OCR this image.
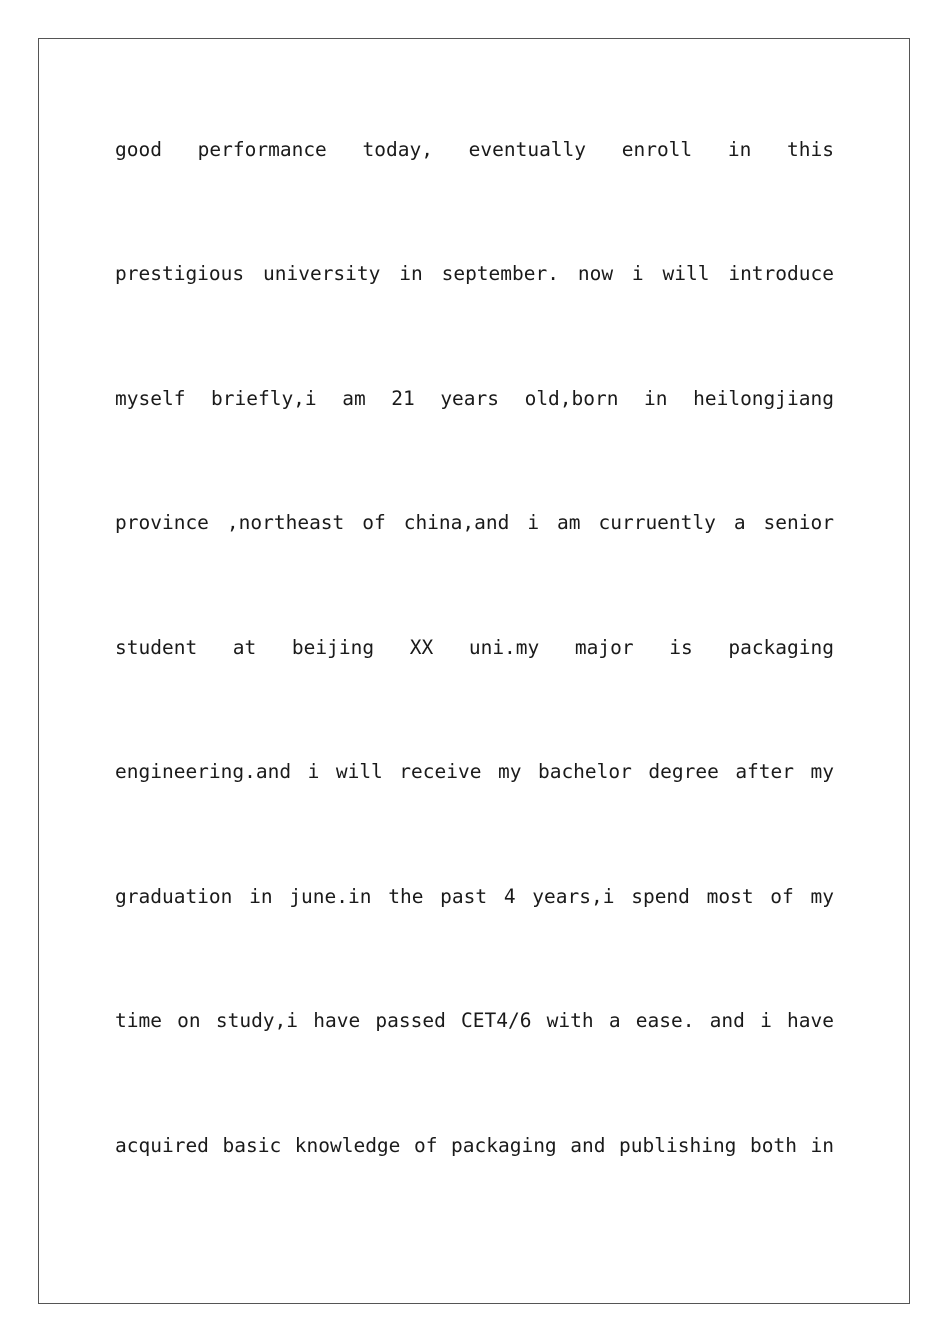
good performance today, eventually enroll in this
prestigious university in september. now i will introduce
myself briefly,i am 21 years old,born in heilongjiang
province ,northeast of china,and i am curruently a senior
student at beijing XX uni.my major is packaging
engineering.and i will receive my bachelor degree after my
graduation in june.in the past 4 years,i spend most of my
time on study,i have passed CET4/6 with a ease. and i have
acquired basic knowledge of packaging and publishing both in
